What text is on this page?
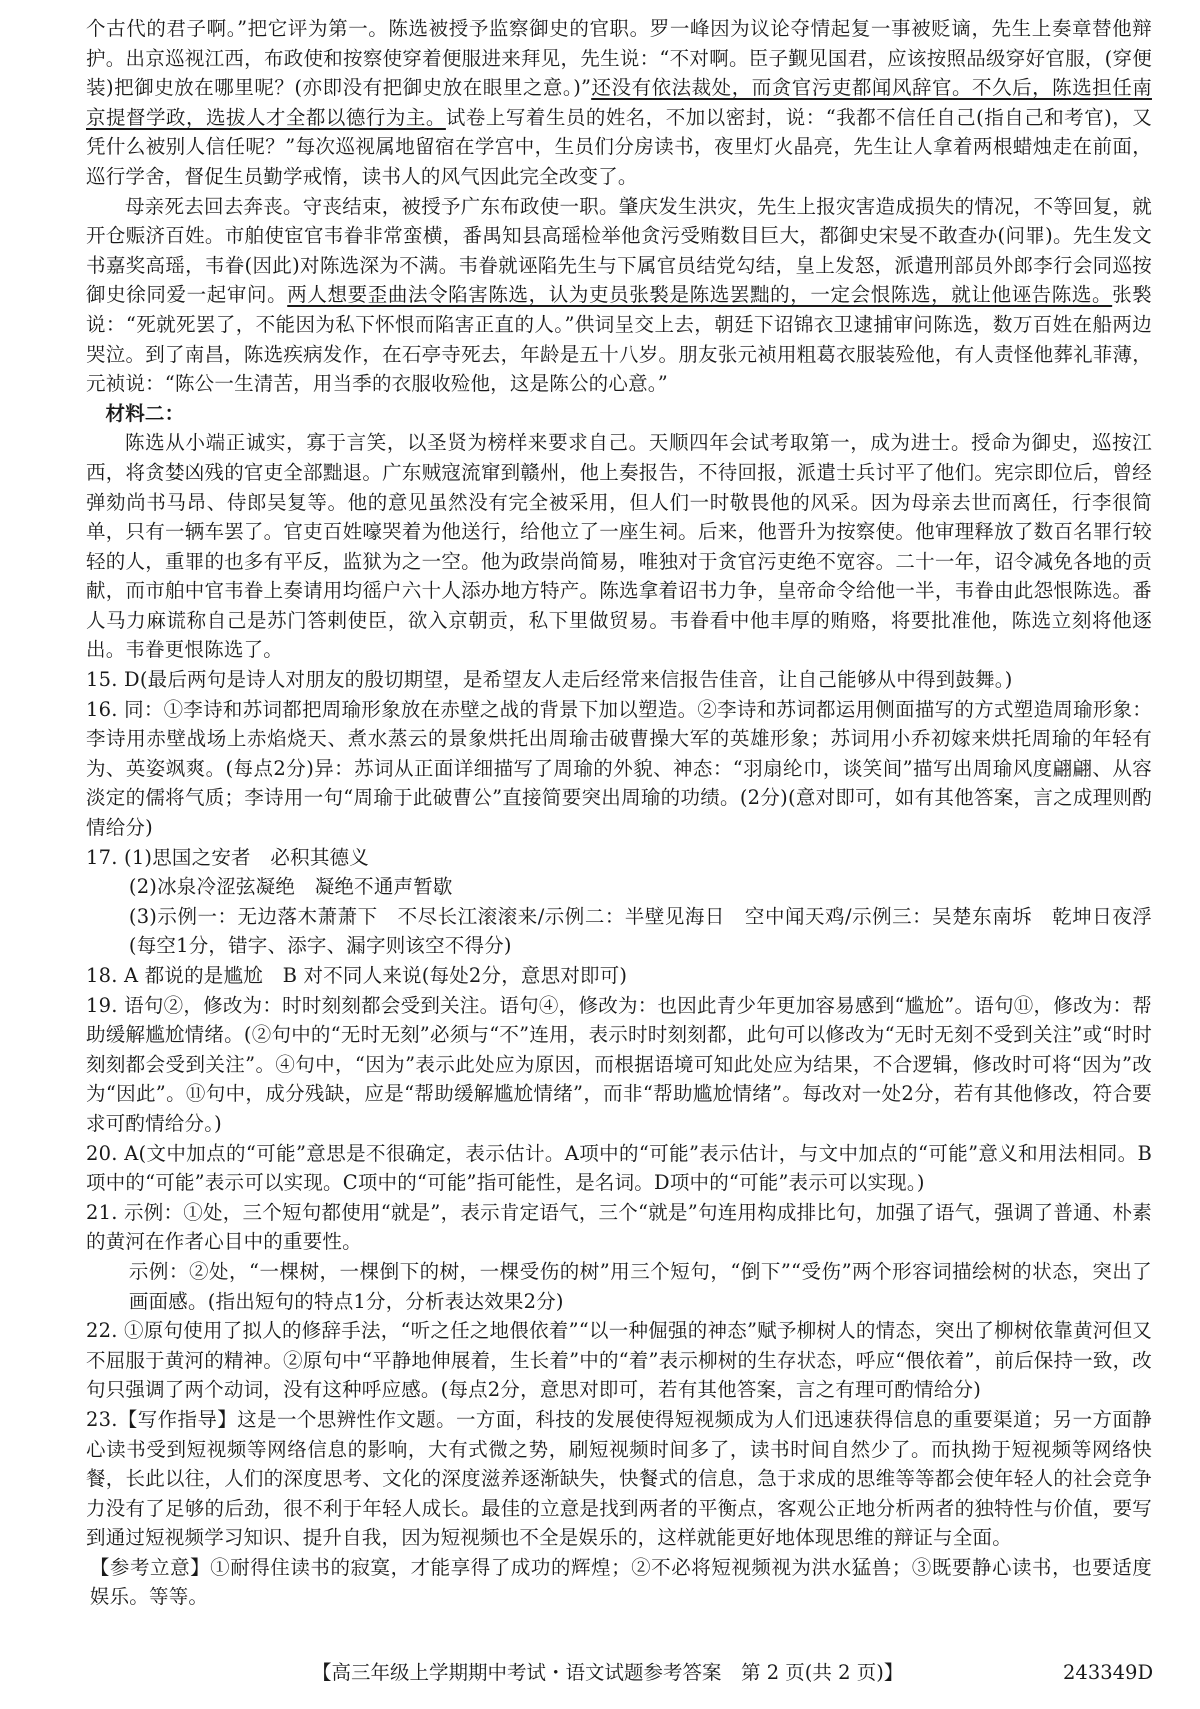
个古代的君子啊。”把它评为第一。陈选被授予监察御史的官职。罗一峰因为议论夺情起复一事被贬谪，先生上奏章替他辩护。出京巡视江西，布政使和按察使穿着便服进来拜见，先生说：“不对啊。臣子觐见国君，应该按照品级穿好官服，(穿便装)把御史放在哪里呢？(亦即没有把御史放在眼里之意。)”还没有依法裁处，而贪官污吏都闻风辞官。不久后，陈选担任南京提督学政，选拔人才全都以德行为主。试卷上写着生员的姓名，不加以密封，说：“我都不信任自己(指自己和考官)，又凭什么被别人信任呢？”每次巡视属地留宿在学宫中，生员们分房读书，夜里灯火晶亮，先生让人拿着两根蜡烛走在前面，巡行学舍，督促生员勤学戒惰，读书人的风气因此完全改变了。

母亲死去回去奔丧。守丧结束，被授予广东布政使一职。肇庆发生洪灾，先生上报灾害造成损失的情况，不等回复，就开仓赈济百姓。市舶使宦官韦眷非常蛮横，番禺知县高瑶检举他贪污受贿数目巨大，都御史宋旻不敢查办(问罪)。先生发文书嘉奖高瑶，韦眷(因此)对陈选深为不满。韦眷就诬陷先生与下属官员结党勾结，皇上发怒，派遣刑部员外郎李行会同巡按御史徐同爱一起审问。两人想要歪曲法令陷害陈选，认为吏员张褧是陈选罢黜的，一定会恨陈选，就让他诬告陈选。张褧说：“死就死罢了，不能因为私下怀恨而陷害正直的人。”供词呈交上去，朝廷下诏锦衣卫逮捕审问陈选，数万百姓在船两边哭泣。到了南昌，陈选疾病发作，在石亭寺死去，年龄是五十八岁。朋友张元祯用粗葛衣服装殓他，有人责怪他葬礼菲薄，元祯说：“陈公一生清苦，用当季的衣服收殓他，这是陈公的心意。”

材料二：

陈选从小端正诚实，寡于言笑，以圣贤为榜样来要求自己。天顺四年会试考取第一，成为进士。授命为御史，巡按江西，将贪婪凶残的官吏全部黜退。广东贼寇流窜到赣州，他上奏报告，不待回报，派遣士兵讨平了他们。宪宗即位后，曾经弹劾尚书马昂、侍郎吴复等。他的意见虽然没有完全被采用，但人们一时敬畏他的风采。因为母亲去世而离任，行李很简单，只有一辆车罢了。官吏百姓嚎哭着为他送行，给他立了一座生祠。后来，他晋升为按察使。他审理释放了数百名罪行较轻的人，重罪的也多有平反，监狱为之一空。他为政崇尚简易，唯独对于贪官污吏绝不宽容。二十一年，诏令减免各地的贡献，而市舶中官韦眷上奏请用均徭户六十人添办地方特产。陈选拿着诏书力争，皇帝命令给他一半，韦眷由此怨恨陈选。番人马力麻谎称自己是苏门答剌使臣，欲入京朝贡，私下里做贸易。韦眷看中他丰厚的贿赂，将要批准他，陈选立刻将他逐出。韦眷更恨陈选了。

15. D(最后两句是诗人对朋友的殷切期望，是希望友人走后经常来信报告佳音，让自己能够从中得到鼓舞。)

16. 同：①李诗和苏词都把周瑜形象放在赤壁之战的背景下加以塑造。②李诗和苏词都运用侧面描写的方式塑造周瑜形象：李诗用赤壁战场上赤焰烧天、煮水蒸云的景象烘托出周瑜击破曹操大军的英雄形象；苏词用小乔初嫁来烘托周瑜的年轻有为、英姿飒爽。(每点2分)异：苏词从正面详细描写了周瑜的外貌、神态：“羽扇纶巾，谈笑间”描写出周瑜风度翩翩、从容淡定的儒将气质；李诗用一句“周瑜于此破曹公”直接简要突出周瑜的功绩。(2分)(意对即可，如有其他答案，言之成理则酌情给分)

17. (1)思国之安者　必积其德义

(2)冰泉冷涩弦凝绝　凝绝不通声暂歇

(3)示例一：无边落木萧萧下　不尽长江滚滚来/示例二：半壁见海日　空中闻天鸡/示例三：吴楚东南坼　乾坤日夜浮(每空1分，错字、添字、漏字则该空不得分)

18. A 都说的是尴尬　B 对不同人来说(每处2分，意思对即可)

19. 语句②，修改为：时时刻刻都会受到关注。语句④，修改为：也因此青少年更加容易感到“尴尬”。语句⑪，修改为：帮助缓解尴尬情绪。(②句中的“无时无刻”必须与“不”连用，表示时时刻刻都，此句可以修改为“无时无刻不受到关注”或“时时刻刻都会受到关注”。④句中，“因为”表示此处应为原因，而根据语境可知此处应为结果，不合逻辑，修改时可将“因为”改为“因此”。⑪句中，成分残缺，应是“帮助缓解尴尬情绪”，而非“帮助尴尬情绪”。每改对一处2分，若有其他修改，符合要求可酌情给分。)

20. A(文中加点的“可能”意思是不很确定，表示估计。A项中的“可能”表示估计，与文中加点的“可能”意义和用法相同。B项中的“可能”表示可以实现。C项中的“可能”指可能性，是名词。D项中的“可能”表示可以实现。)

21. 示例：①处，三个短句都使用“就是”，表示肯定语气，三个“就是”句连用构成排比句，加强了语气，强调了普通、朴素的黄河在作者心目中的重要性。

示例：②处，“一棵树，一棵倒下的树，一棵受伤的树”用三个短句，“倒下”“受伤”两个形容词描绘树的状态，突出了画面感。(指出短句的特点1分，分析表达效果2分)

22. ①原句使用了拟人的修辞手法，“听之任之地偎依着”“以一种倔强的神态”赋予柳树人的情态，突出了柳树依靠黄河但又不屈服于黄河的精神。②原句中“平静地伸展着，生长着”中的“着”表示柳树的生存状态，呼应“偎依着”，前后保持一致，改句只强调了两个动词，没有这种呼应感。(每点2分，意思对即可，若有其他答案，言之有理可酌情给分)

23.【写作指导】这是一个思辨性作文题。一方面，科技的发展使得短视频成为人们迅速获得信息的重要渠道；另一方面静心读书受到短视频等网络信息的影响，大有式微之势，刷短视频时间多了，读书时间自然少了。而执拗于短视频等网络快餐，长此以往，人们的深度思考、文化的深度滋养逐渐缺失，快餐式的信息，急于求成的思维等等都会使年轻人的社会竞争力没有了足够的后劲，很不利于年轻人成长。最佳的立意是找到两者的平衡点，客观公正地分析两者的独特性与价值，要写到通过短视频学习知识、提升自我，因为短视频也不全是娱乐的，这样就能更好地体现思维的辩证与全面。

【参考立意】①耐得住读书的寂寞，才能享得了成功的辉煌；②不必将短视频视为洪水猛兽；③既要静心读书，也要适度娱乐。等等。

【高三年级上学期期中考试・语文试题参考答案　第 2 页(共 2 页)】	243349D
